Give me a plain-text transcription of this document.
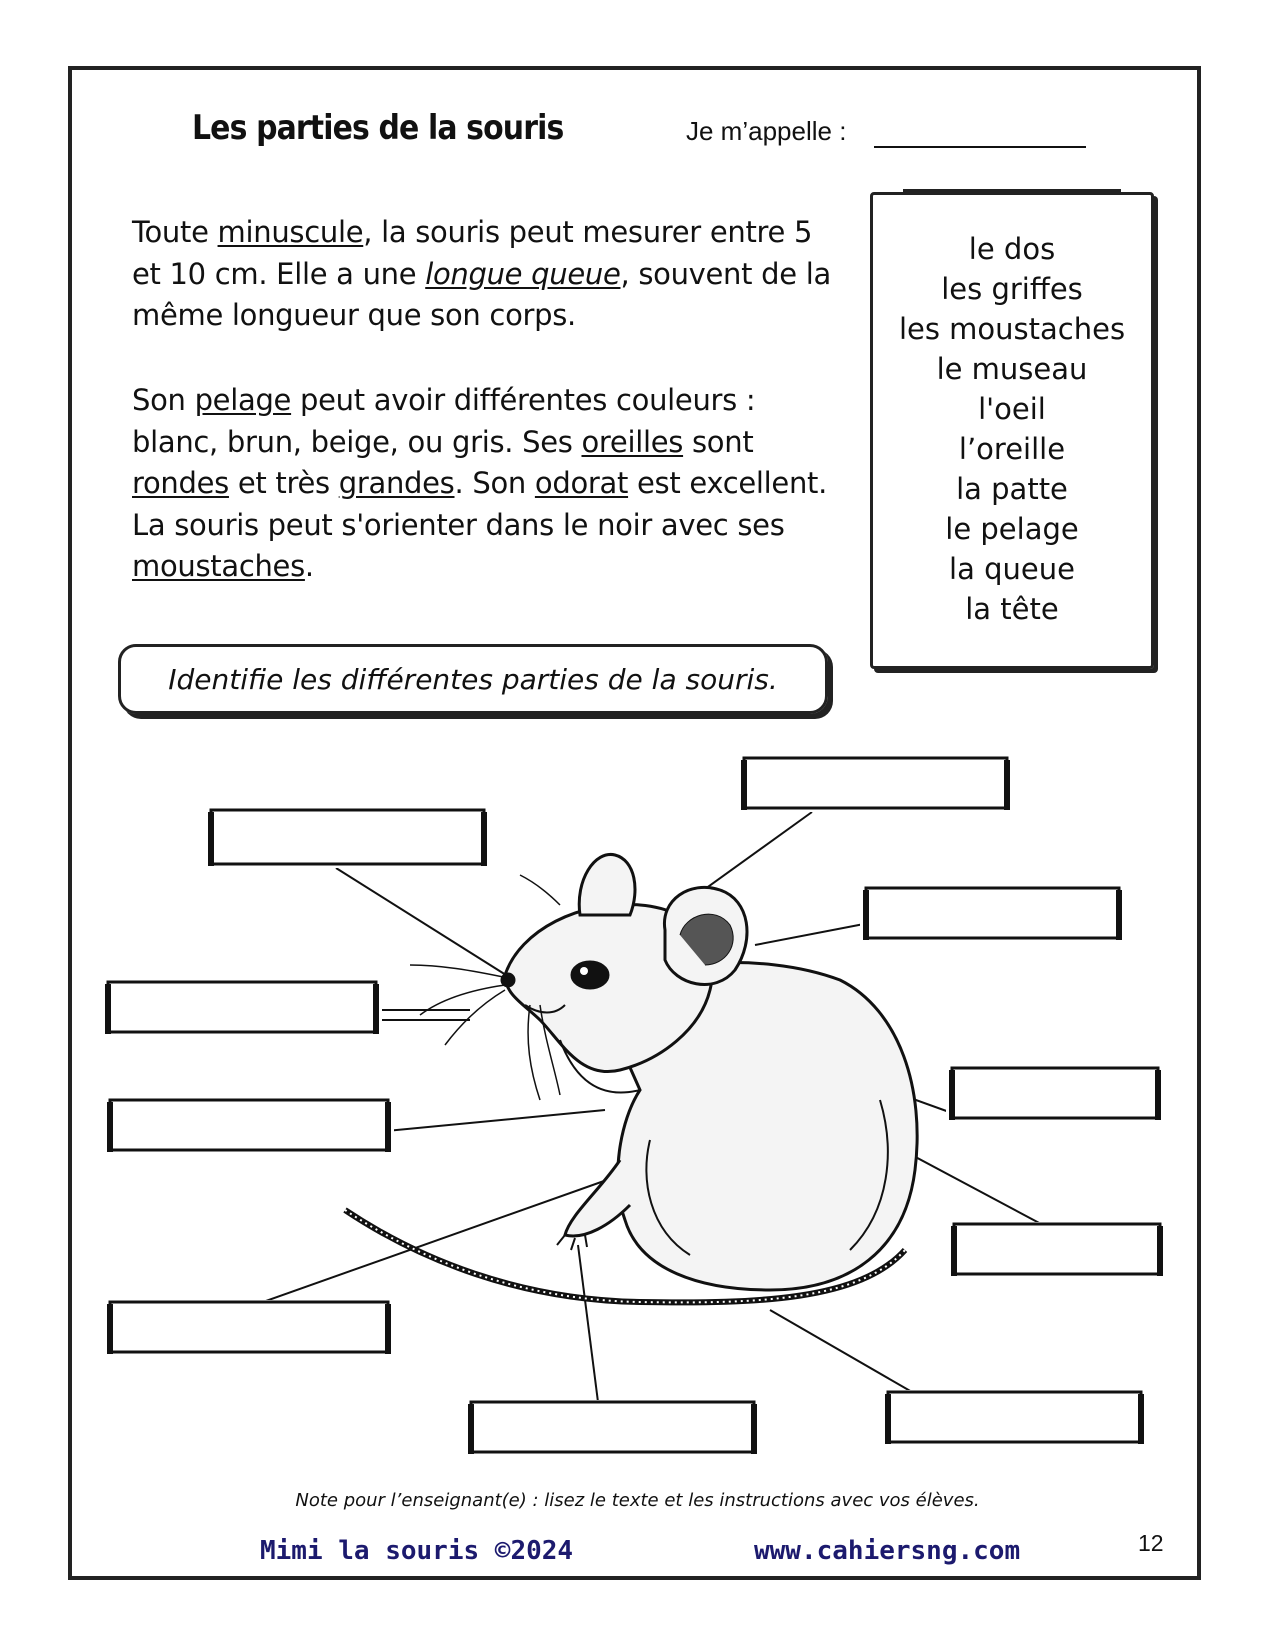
Les parties de la souris	Je m’appelle :
Toute minuscule, la souris peut mesurer entre 5 et 10 cm. Elle a une longue queue, souvent de la même longueur que son corps.
Son pelage peut avoir différentes couleurs : blanc, brun, beige, ou gris. Ses oreilles sont rondes et très grandes. Son odorat est excellent. La souris peut s'orienter dans le noir avec ses moustaches.
le dos
les griffes
les moustaches
le museau
l'oeil
l’oreille
la patte
le pelage
la queue
la tête
Identifie les différentes parties de la souris.
Note pour l’enseignant(e) : lisez le texte et les instructions avec vos élèves.
Mimi la souris ©2024	www.cahiersng.com	12
